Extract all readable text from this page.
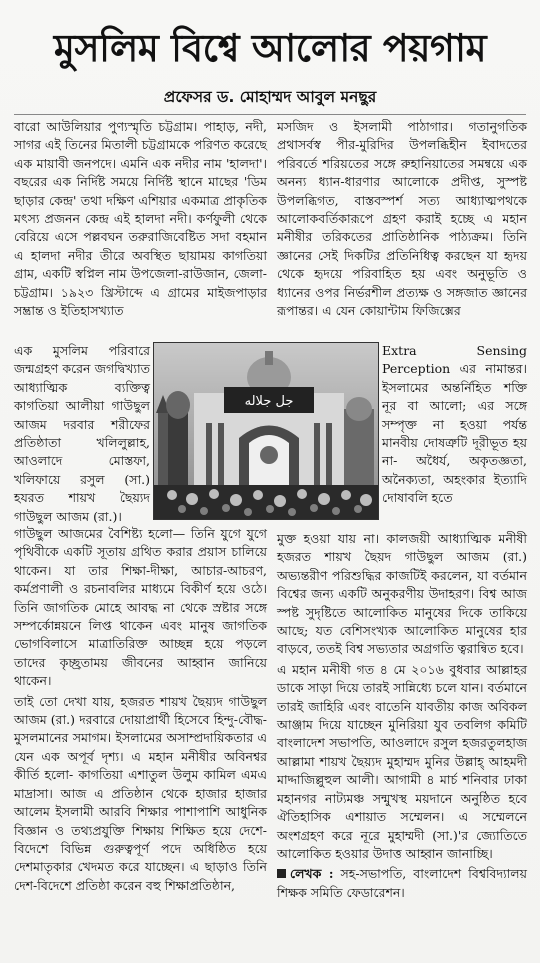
মুসলিম বিশ্বে আলোর পয়গাম
প্রফেসর ড. মোহাম্মদ আবুল মনছুর

বারো আউলিয়ার পুণ্যস্মৃতি চট্টগ্রাম। পাহাড়, নদী, সাগর এই তিনের মিতালী চট্টগ্রামকে পরিণত করেছে এক মায়াবী জনপদে। এমনি এক নদীর নাম 'হালদা'। বছরের এক নির্দিষ্ট সময়ে নির্দিষ্ট স্থানে মাছের 'ডিম ছাড়ার কেন্দ্র' তথা দক্ষিণ এশিয়ার একমাত্র প্রাকৃতিক মৎস্য প্রজনন কেন্দ্র এই হালদা নদী। কর্ণফুলী থেকে বেরিয়ে এসে পল্লবঘন তরুরাজিবেষ্টিত সদা বহমান এ হালদা নদীর তীরে অবস্থিত ছায়াময় কাগতিয়া গ্রাম, একটি স্বপ্নিল নাম উপজেলা-রাউজান, জেলা-চট্টগ্রাম। ১৯২৩ খ্রিস্টাব্দে এ গ্রামের মাইজপাড়ার সম্ভ্রান্ত ও ইতিহাসখ্যাত

মসজিদ ও ইসলামী পাঠাগার। গতানুগতিক প্রথাসর্বস্ব পীর-মুরিদির উপলব্ধিহীন ইবাদতের পরিবর্তে শরিয়তের সঙ্গে রুহানিয়াতের সমন্বয়ে এক অনন্য ধ্যান-ধারণার আলোকে প্রদীপ্ত, সুস্পষ্ট উপলব্ধিগত, বাস্তবস্পর্শ সত্য আধ্যাত্মপথকে আলোকবর্তিকারূপে গ্রহণ করাই হচ্ছে এ মহান মনীষীর তরিকতের প্রাতিষ্ঠানিক পাঠ্যক্রম। তিনি জ্ঞানের সেই দিকটির প্রতিনিধিত্ব করছেন যা হৃদয় থেকে হৃদয়ে পরিবাহিত হয় এবং অনুভূতি ও ধ্যানের ওপর নির্ভরশীল প্রত্যক্ষ ও সঙ্গজাত জ্ঞানের রূপান্তর। এ যেন কোয়ান্টাম ফিজিক্সের

এক মুসলিম পরিবারে জন্মগ্রহণ করেন জগদ্বিখ্যাত আধ্যাত্মিক ব্যক্তিত্ব কাগতিয়া আলীয়া গাউছুল আজম দরবার শরীফের প্রতিষ্ঠাতা খলিলুল্লাহ, আওলাদে মোস্তফা, খলিফায়ে রসুল (সা.) হযরত শায়খ ছৈয়্যদ গাউছুল আজম (রা.)।

جل جلاله

Extra Sensing Perception এর নামান্তর। ইসলামের অন্তর্নিহিত শক্তি নূর বা আলো; এর সঙ্গে সম্পৃক্ত না হওয়া পর্যন্ত মানবীয় দোষত্রুটি দূরীভূত হয় না- অধৈর্য, অকৃতজ্ঞতা, অনৈক্যতা, অহংকার ইত্যাদি দোষাবলি হতে

গাউছুল আজমের বৈশিষ্ট্য হলো— তিনি যুগে যুগে পৃথিবীকে একটি সূতায় গ্রথিত করার প্রয়াস চালিয়ে থাকেন। যা তার শিক্ষা-দীক্ষা, আচার-আচরণ, কর্মপ্রণালী ও রচনাবলির মাধ্যমে বিকীর্ণ হয়ে ওঠে। তিনি জাগতিক মোহে আবদ্ধ না থেকে স্রষ্টার সঙ্গে সম্পর্কোন্নয়নে লিপ্ত থাকেন এবং মানুষ জাগতিক ভোগবিলাসে মাত্রাতিরিক্ত আচ্ছন্ন হয়ে পড়লে তাদের কৃচ্ছ্রতাময় জীবনের আহ্বান জানিয়ে থাকেন।

তাই তো দেখা যায়, হজরত শায়খ ছৈয়্যদ গাউছুল আজম (রা.) দরবারে দোয়াপ্রার্থী হিসেবে হিন্দু-বৌদ্ধ-মুসলমানের সমাগম। ইসলামের অসাম্প্রদায়িকতার এ যেন এক অপূর্ব দৃশ্য। এ মহান মনীষীর অবিনশ্বর কীর্তি হলো- কাগতিয়া এশাতুল উলুম কামিল এমএ মাদ্রাসা। আজ এ প্রতিষ্ঠান থেকে হাজার হাজার আলেম ইসলামী আরবি শিক্ষার পাশাপাশি আধুনিক বিজ্ঞান ও তথ্যপ্রযুক্তি শিক্ষায় শিক্ষিত হয়ে দেশে-বিদেশে বিভিন্ন গুরুত্বপূর্ণ পদে অধিষ্ঠিত হয়ে দেশমাতৃকার খেদমত করে যাচ্ছেন। এ ছাড়াও তিনি দেশ-বিদেশে প্রতিষ্ঠা করেন বহু শিক্ষাপ্রতিষ্ঠান,

মুক্ত হওয়া যায় না। কালজয়ী আধ্যাত্মিক মনীষী হজরত শায়খ ছৈয়দ গাউছুল আজম (রা.) অভ্যন্তরীণ পরিশুদ্ধির কাজটিই করলেন, যা বর্তমান বিশ্বের জন্য একটি অনুকরণীয় উদাহরণ। বিশ্ব আজ স্পষ্ট সুদৃষ্টিতে আলোকিত মানুষের দিকে তাকিয়ে আছে; যত বেশিসংখ্যক আলোকিত মানুষের হার বাড়বে, ততই বিশ্ব সভ্যতার অগ্রগতি ত্বরান্বিত হবে।

এ মহান মনীষী গত ৪ মে ২০১৬ বুধবার আল্লাহর ডাকে সাড়া দিয়ে তারই সান্নিধ্যে চলে যান। বর্তমানে তারই জাহিরি এবং বাতেনি যাবতীয় কাজ অবিকল আঞ্জাম দিয়ে যাচ্ছেন মুনিরিয়া যুব তবলিগ কমিটি বাংলাদেশ সভাপতি, আওলাদে রসুল হজরতুলহাজ আল্লামা শায়খ ছৈয়্যদ মুহাম্মদ মুনির উল্লাহ্ আহমদী মাদ্দাজিল্লুহুল আলী। আগামী ৪ মার্চ শনিবার ঢাকা মহানগর নাট্যমঞ্চ সন্মুখস্থ ময়দানে অনুষ্ঠিত হবে ঐতিহাসিক এশায়াত সম্মেলন। এ সম্মেলনে অংশগ্রহণ করে নূরে মুহাম্মদী (সা.)'র জ্যোতিতে আলোকিত হওয়ার উদাত্ত আহ্বান জানাচ্ছি।

লেখক : সহ-সভাপতি, বাংলাদেশ বিশ্ববিদ্যালয় শিক্ষক সমিতি ফেডারেশন।
